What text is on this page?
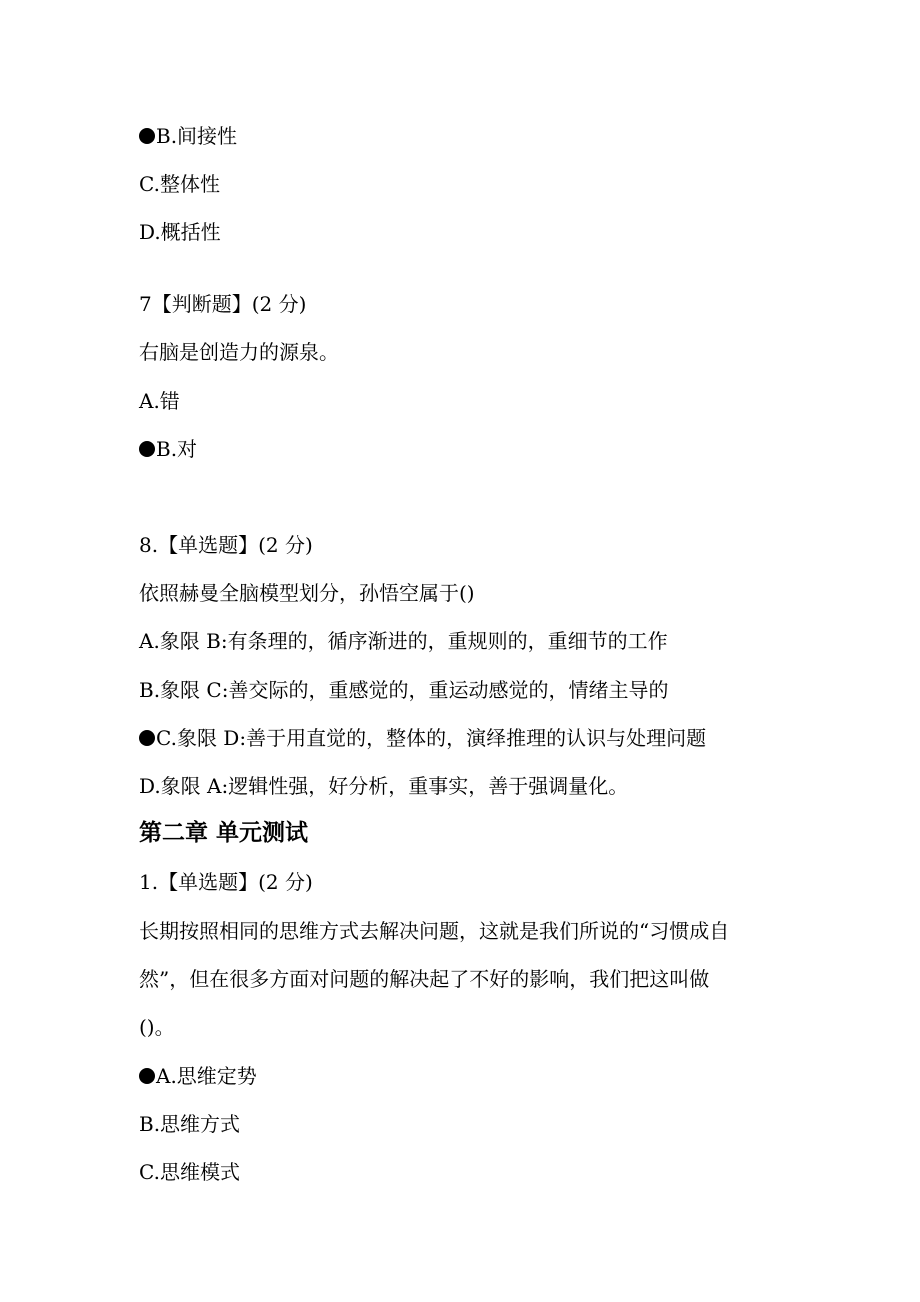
B.间接性
C.整体性
D.概括性
7【判断题】(2 分)
右脑是创造力的源泉。
A.错
B.对
8.【单选题】(2 分)
依照赫曼全脑模型划分，孙悟空属于()
A.象限 B:有条理的，循序渐进的，重规则的，重细节的工作
B.象限 C:善交际的，重感觉的，重运动感觉的，情绪主导的
C.象限 D:善于用直觉的，整体的，演绎推理的认识与处理问题
D.象限 A:逻辑性强，好分析，重事实，善于强调量化。
第二章 单元测试
1.【单选题】(2 分)
长期按照相同的思维方式去解决问题，这就是我们所说的“习惯成自
然”，但在很多方面对问题的解决起了不好的影响，我们把这叫做
()。
A.思维定势
B.思维方式
C.思维模式
